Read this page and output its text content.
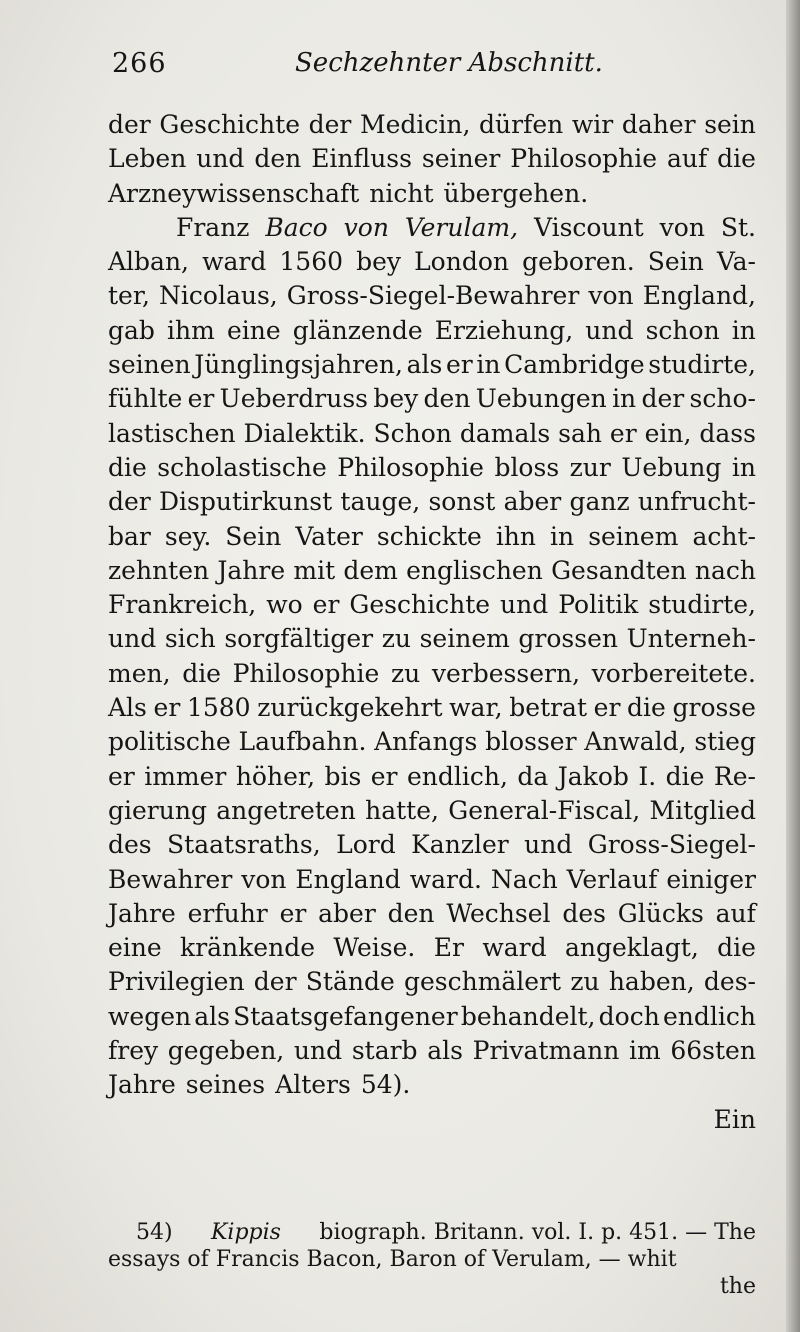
266	Sechzehnter Abschnitt.
der Geschichte der Medicin, dürfen wir daher sein
Leben und den Einfluss seiner Philosophie auf die
Arzneywissenschaft nicht übergehen.
Franz Baco von Verulam, Viscount von St.
Alban, ward 1560 bey London geboren. Sein Va-
ter, Nicolaus, Gross-Siegel-Bewahrer von England,
gab ihm eine glänzende Erziehung, und schon in
seinen Jünglingsjahren, als er in Cambridge studirte,
fühlte er Ueberdruss bey den Uebungen in der scho-
lastischen Dialektik. Schon damals sah er ein, dass
die scholastische Philosophie bloss zur Uebung in
der Disputirkunst tauge, sonst aber ganz unfrucht-
bar sey. Sein Vater schickte ihn in seinem acht-
zehnten Jahre mit dem englischen Gesandten nach
Frankreich, wo er Geschichte und Politik studirte,
und sich sorgfältiger zu seinem grossen Unterneh-
men, die Philosophie zu verbessern, vorbereitete.
Als er 1580 zurückgekehrt war, betrat er die grosse
politische Laufbahn. Anfangs blosser Anwald, stieg
er immer höher, bis er endlich, da Jakob I. die Re-
gierung angetreten hatte, General-Fiscal, Mitglied
des Staatsraths, Lord Kanzler und Gross-Siegel-
Bewahrer von England ward. Nach Verlauf einiger
Jahre erfuhr er aber den Wechsel des Glücks auf
eine kränkende Weise. Er ward angeklagt, die
Privilegien der Stände geschmälert zu haben, des-
wegen als Staatsgefangener behandelt, doch endlich
frey gegeben, und starb als Privatmann im 66sten
Jahre seines Alters 54).
Ein
54) Kippis biograph. Britann. vol. I. p. 451. — The
essays of Francis Bacon, Baron of Verulam, — whit
the
